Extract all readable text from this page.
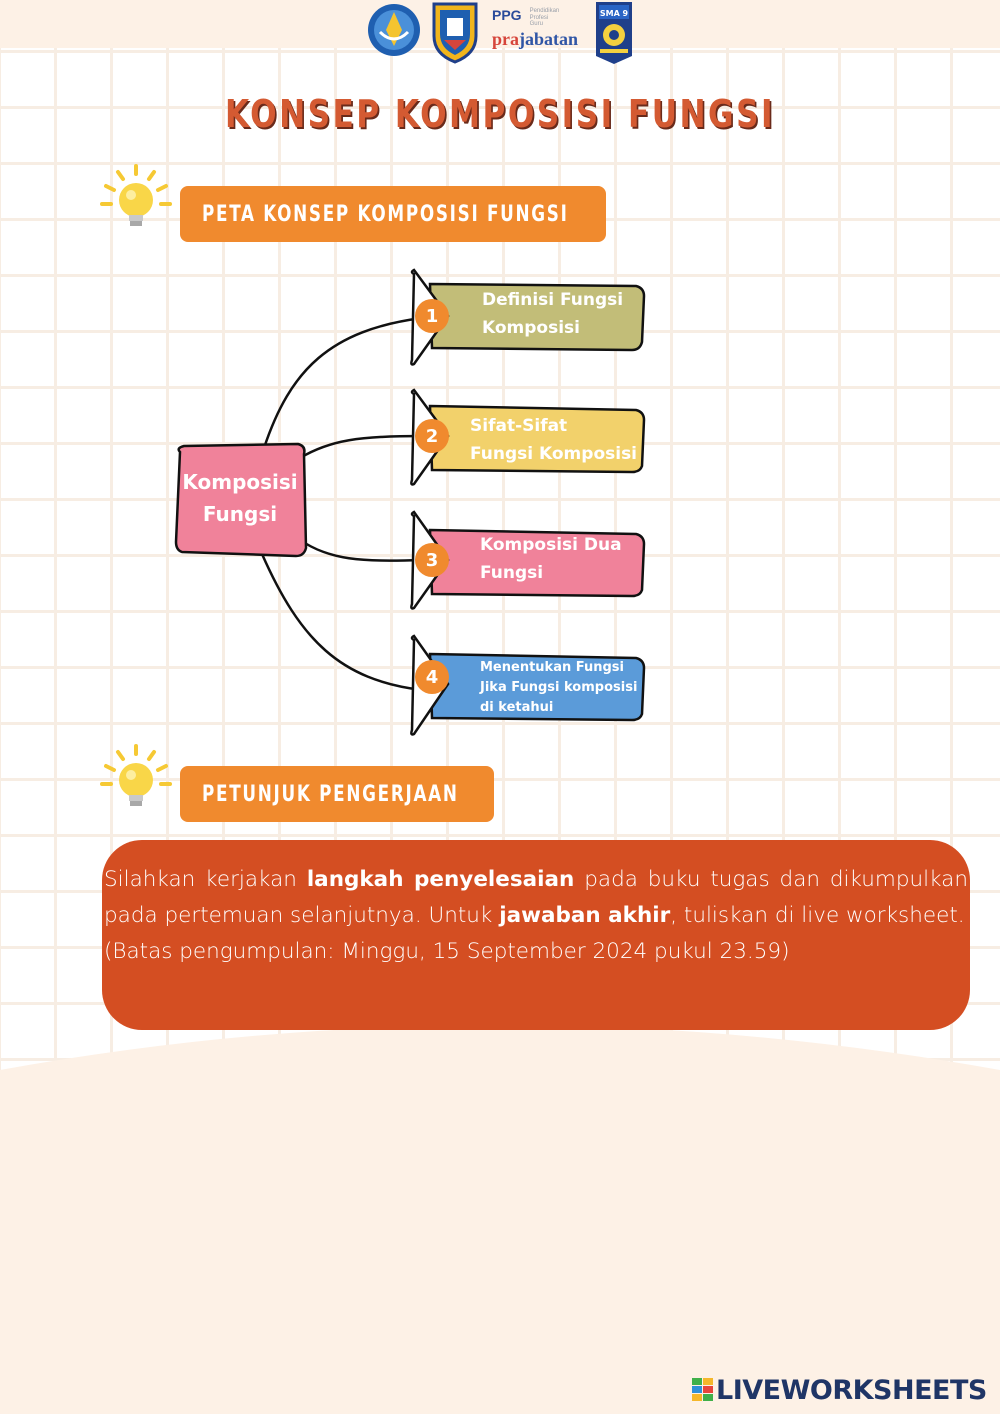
PPG Pendidikan Profesi Guru
prajabatan
SMA 9
KONSEP KOMPOSISI FUNGSI
PETA KONSEP KOMPOSISI FUNGSI
Komposisi
Fungsi
1
Definisi Fungsi
Komposisi
2	Sifat-Sifat
Fungsi Komposisi
3
Komposisi Dua
Fungsi
4	Menentukan Fungsi
Jika Fungsi komposisi
di ketahui
PETUNJUK PENGERJAAN

Silahkan kerjakan langkah penyelesaian pada buku tugas dan dikumpulkan pada pertemuan selanjutnya. Untuk jawaban akhir, tuliskan di live worksheet.

(Batas pengumpulan: Minggu, 15 September 2024 pukul 23.59)

LIVEWORKSHEETS
